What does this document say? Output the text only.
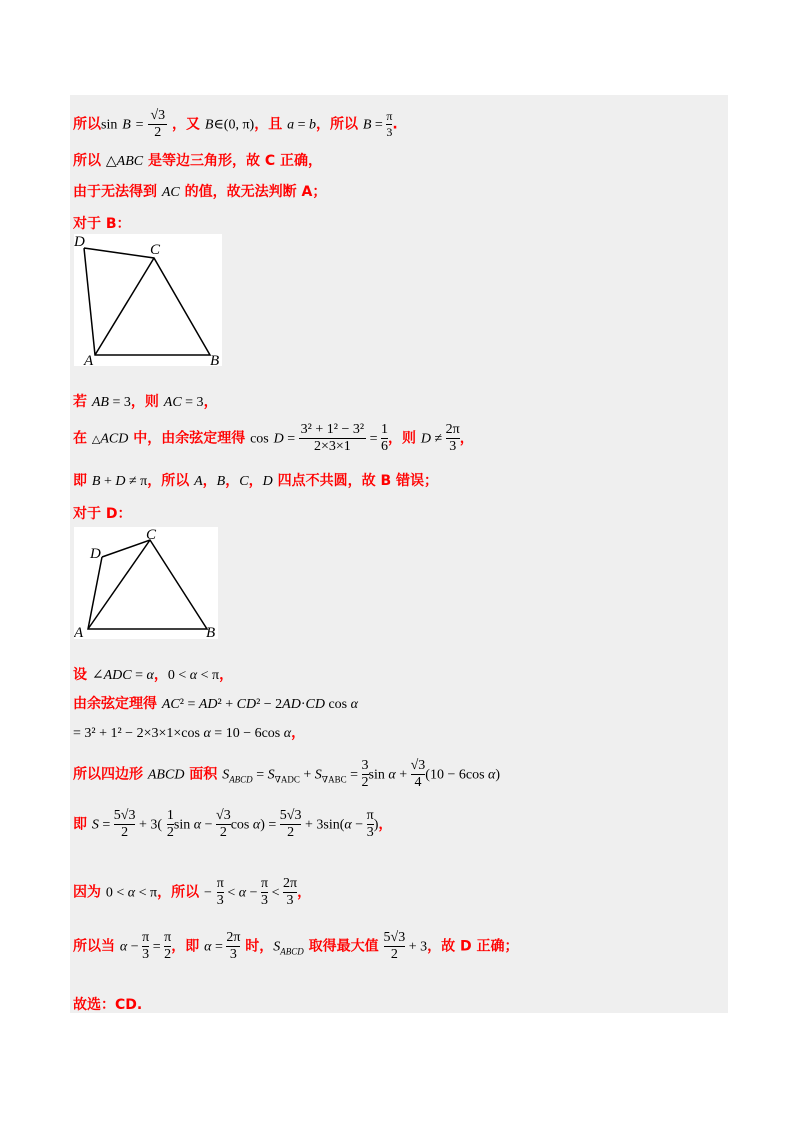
所以$\sin B = \frac{√3}{2}$ ，又 B∈(0, π)，且 a = b，所以 $B = \frac{\pi}{3}$ .
所以 △ABC 是等边三角形，故 C 正确，
由于无法得到 AC 的值，故无法判断 A；
对于 B：
D	C
A	B
若 AB = 3，则 AC = 3，
在 △ACD 中，由余弦定理得 $\cos D = \frac{\text{3² + 1² − 3²}}{2\times 3\times 1} = \frac{1}{6}$ ，则 $D \ne \frac{2\pi}{3}$ ，
即 B + D ≠ π，所以 A，B，C，D 四点不共圆，故 B 错误；
对于 D：
D
C
A	B
设 ∠ADC = α，0 < α < π，
由余弦定理得 AC² = AD² + CD² − 2AD·CD cos α
= 3² + 1² − 2×3×1×cos α = 10 − 6cos α，
所以四边形 ABCD 面积 $S_{ABCD} = S_{\nabla ADC} + S_{\nabla ABC} = \frac{3}{2}$ $\sin \alpha + \frac{√3}{4} (10 - 6\cos$ α)
即 $S = \frac{5√3}{2} + 3( \frac{1}{2}$ $\sin \alpha - \frac{√3}{2}$ $\cos \alpha) = \frac{5√3}{2} + 3\sin(\alpha - \frac{\pi}{3}$ )，
因为 0 < α < π，所以 − $\frac{\pi}{3} < \alpha - \frac{\pi}{3} < \frac{2\pi}{3}$ ，
所以当 $\alpha - \frac{\pi}{3} = \frac{\pi}{2}$ ，即 $\alpha = \frac{2\pi}{3}$ 时，$S_{ABCD}$ 取得最大值 $\frac{5√3}{2} + 3$，故 D 正确；
故选：CD.
